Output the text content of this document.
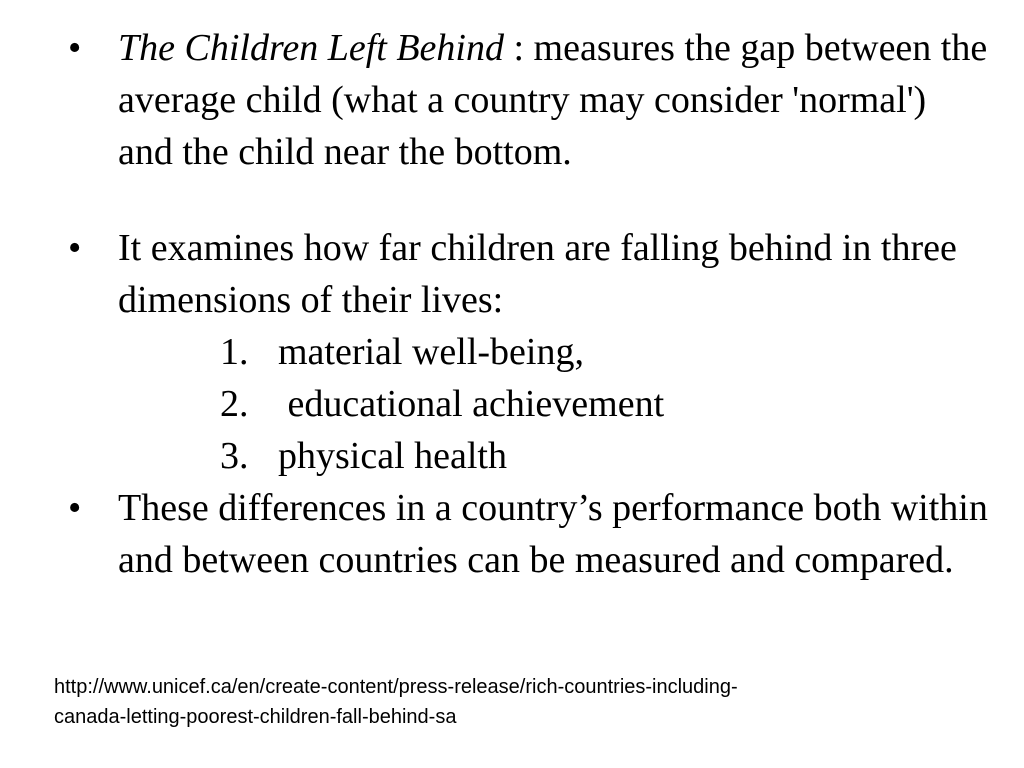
• The Children Left Behind : measures the gap between the average child (what a country may consider 'normal') and the child near the bottom.
• It examines how far children are falling behind in three dimensions of their lives:
1. material well-being,
2. educational achievement
3. physical health
• These differences in a country’s performance both within and between countries can be measured and compared.

http://www.unicef.ca/en/create-content/press-release/rich-countries-including-
canada-letting-poorest-children-fall-behind-sa
